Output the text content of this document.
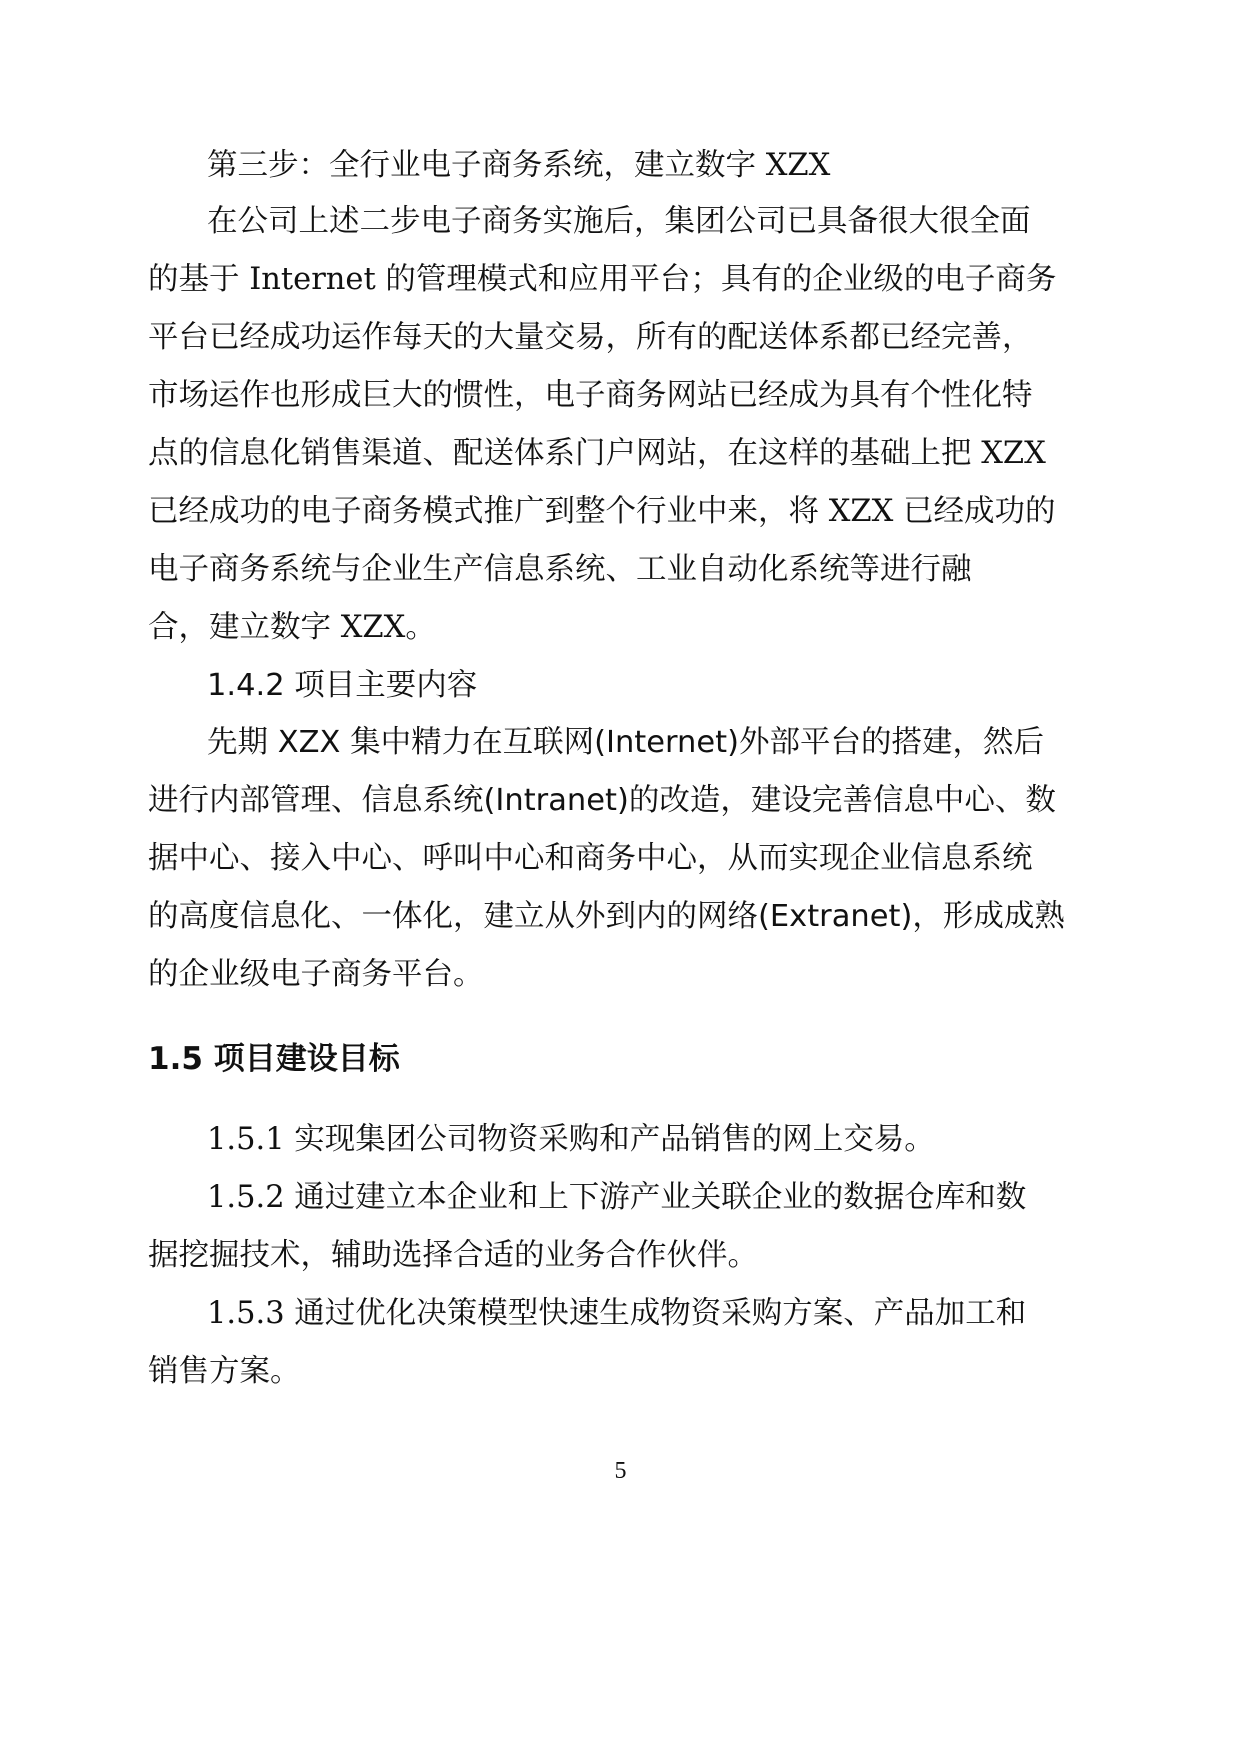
第三步：全行业电子商务系统，建立数字 XZX

在公司上述二步电子商务实施后，集团公司已具备很大很全面

的基于 Internet 的管理模式和应用平台；具有的企业级的电子商务

平台已经成功运作每天的大量交易，所有的配送体系都已经完善，

市场运作也形成巨大的惯性，电子商务网站已经成为具有个性化特

点的信息化销售渠道、配送体系门户网站，在这样的基础上把 XZX

已经成功的电子商务模式推广到整个行业中来，将 XZX 已经成功的

电子商务系统与企业生产信息系统、工业自动化系统等进行融

合，建立数字 XZX。

1.4.2 项目主要内容

先期 XZX 集中精力在互联网(Internet)外部平台的搭建，然后

进行内部管理、信息系统(Intranet)的改造，建设完善信息中心、数

据中心、接入中心、呼叫中心和商务中心，从而实现企业信息系统

的高度信息化、一体化，建立从外到内的网络(Extranet)，形成成熟

的企业级电子商务平台。

1.5 项目建设目标

1.5.1 实现集团公司物资采购和产品销售的网上交易。

1.5.2 通过建立本企业和上下游产业关联企业的数据仓库和数

据挖掘技术，辅助选择合适的业务合作伙伴。

1.5.3 通过优化决策模型快速生成物资采购方案、产品加工和

销售方案。

5
